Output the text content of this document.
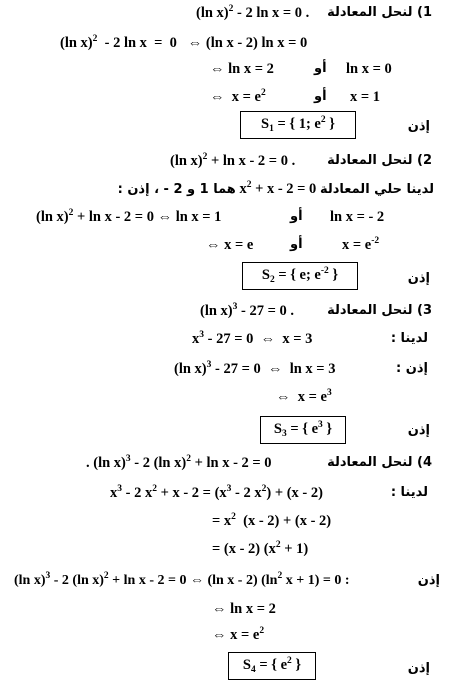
1) لنحل المعادلة
(ln x)$^2$ - 2 ln x = 0 .
(ln x)$^2$  - 2 ln x  =  0   ⇔ (ln x - 2) ln x = 0
⇔ ln x = 2	أو ln x = 0
⇔  $x = e^2$	أو x = 1
إذن
$S_1$ = { 1; $e^2$ }
2) لنحل المعادلة
(ln x)$^2$ + ln x - 2 = 0 .
لدينا حلي المعادلة $x^2 + x - 2 = 0$ هما 1 و 2 - ، إذن :
(ln x)$^2$ + ln x - 2 = 0 ⇔ ln x = 1	أو ln x = - 2
⇔ x = e	أو	$x = e^{-2}$
إذن
$S_2$ = { e; $e^{-2}$ }
3) لنحل المعادلة
(ln x)$^3$ - 27 = 0 .
لدينا :
$x^3 - 27 = 0$  ⇔  x = 3
إذن :
(ln x)$^3$ - 27 = 0  ⇔  ln x = 3
⇔  $x = e^3$
إذن
$S_3$ = { $e^3$ }
4) لنحل المعادلة
. (ln x)$^3$ - 2 (ln x)$^2$ + ln x - 2 = 0
لدينا :
$x^3 - 2$ $x^2 + x - 2 = (x^3 - 2$ $x^2) + (x - 2)$
= $x^2$  (x - 2) + (x - 2)
= (x - 2) $(x^2 + 1)$
إذن
(ln x)$^3$ - 2 (ln x)$^2$ + ln x - 2 = 0 ⇔ (ln x - 2) ($\ln^2$ x + 1) = 0 :
⇔ ln x = 2
⇔ $x = e^2$
إذن
$S_4$ = { $e^2$ }
